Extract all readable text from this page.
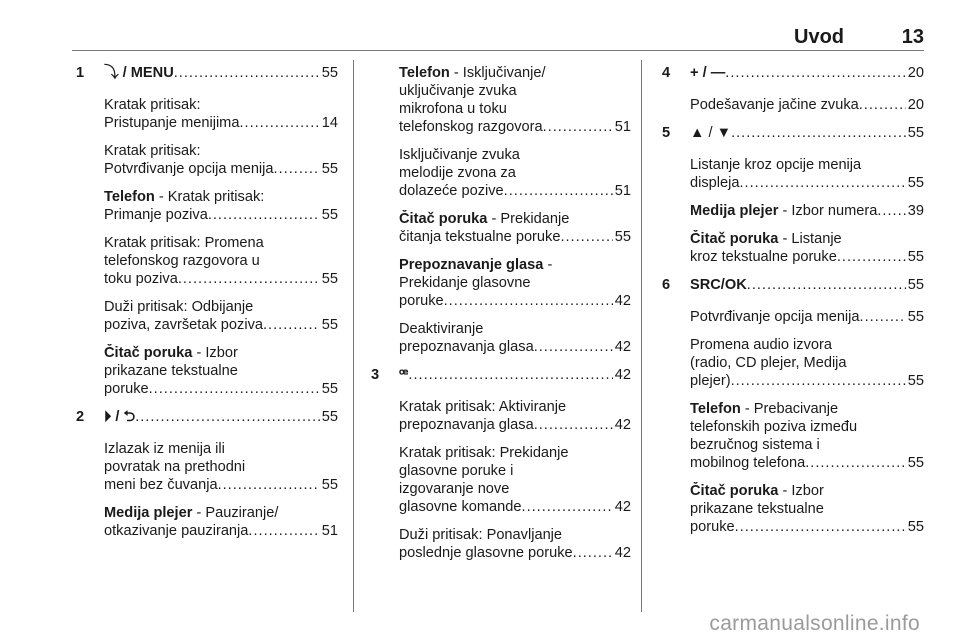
Uvod	13
1	⤵ / MENU .....	55
Kratak pritisak:
Pristupanje menijima .....	14
Kratak pritisak:
Potvrđivanje opcija menija .....	55
Telefon - Kratak pritisak:
Primanje poziva .....	55
Kratak pritisak: Promena
telefonskog razgovora u
toku poziva .....	55
Duži pritisak: Odbijanje
poziva, završetak poziva .....	55
Čitač poruka - Izbor
prikazane tekstualne
poruke .....	55
2	⏵ / ⮌ .....	55
Izlazak iz menija ili
povratak na prethodni
meni bez čuvanja .....	55
Medija plejer - Pauziranje/
otkazivanje pauziranja .....	51
Telefon - Isključivanje/
uključivanje zvuka
mikrofona u toku
telefonskog razgovora .....	51
Isključivanje zvuka
melodije zvona za
dolazeće pozive .....	51
Čitač poruka - Prekidanje
čitanja tekstualne poruke .....	55
Prepoznavanje glasa -
Prekidanje glasovne
poruke .....	42
Deaktiviranje
prepoznavanja glasa .....	42
3	ꟹ .....	42
Kratak pritisak: Aktiviranje
prepoznavanja glasa .....	42
Kratak pritisak: Prekidanje
glasovne poruke i
izgovaranje nove
glasovne komande .....	42
Duži pritisak: Ponavljanje
poslednje glasovne poruke .....	42
4	+ / — .....	20
Podešavanje jačine zvuka .....	20
5	▲ / ▼ .....	55
Listanje kroz opcije menija
displeja .....	55
Medija plejer - Izbor numera ..... 39
Čitač poruka - Listanje
kroz tekstualne poruke .....	55
6	SRC/OK .....	55
Potvrđivanje opcija menija .....	55
Promena audio izvora
(radio, CD plejer, Medija
plejer) .....	55
Telefon - Prebacivanje
telefonskih poziva između
bezručnog sistema i
mobilnog telefona .....	55
Čitač poruka - Izbor
prikazane tekstualne
poruke .....	55
carmanualsonline.info
